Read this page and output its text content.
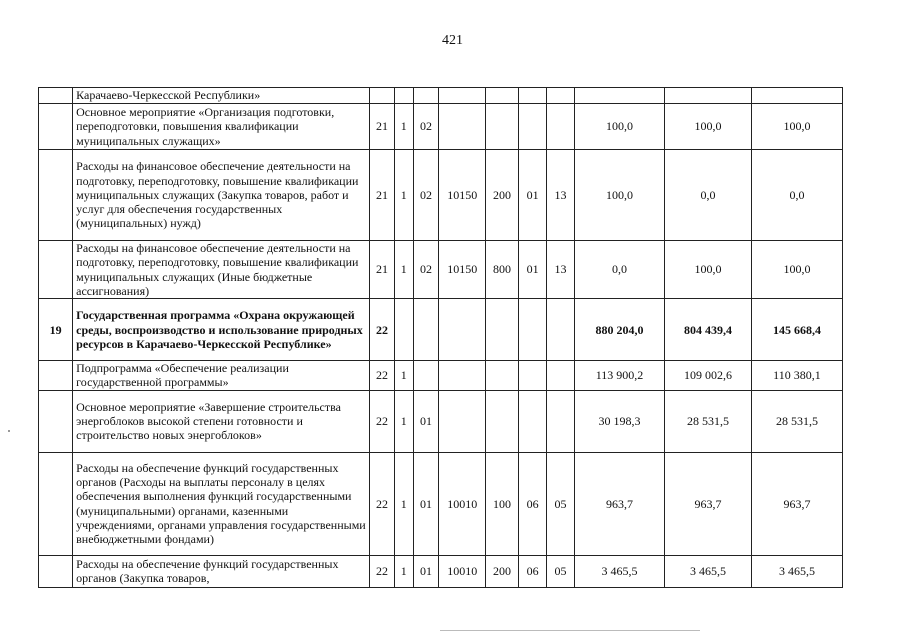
421
	Карачаево-Черкесской Республики»										
	Основное мероприятие «Организация подготовки, переподготовки, повышения квалификации муниципальных служащих»	21	1	02					100,0	100,0	100,0
	Расходы на финансовое обеспечение деятельности на подготовку, переподготовку, повышение квалификации муниципальных служащих (Закупка товаров, работ и услуг для обеспечения государственных (муниципальных) нужд)	21	1	02	10150	200	01	13	100,0	0,0	0,0
	Расходы на финансовое обеспечение деятельности на подготовку, переподготовку, повышение квалификации муниципальных служащих (Иные бюджетные ассигнования)	21	1	02	10150	800	01	13	0,0	100,0	100,0
19	Государственная программа «Охрана окружающей среды, воспроизводство и использование природных ресурсов в Карачаево-Черкесской Республике»	22							880 204,0	804 439,4	145 668,4
	Подпрограмма «Обеспечение реализации государственной программы»	22	1						113 900,2	109 002,6	110 380,1
	Основное мероприятие «Завершение строительства энергоблоков высокой степени готовности и строительство новых энергоблоков»	22	1	01					30 198,3	28 531,5	28 531,5
	Расходы на обеспечение функций государственных органов (Расходы на выплаты персоналу в целях обеспечения выполнения функций государственными (муниципальными) органами, казенными учреждениями, органами управления государственными внебюджетными фондами)	22	1	01	10010	100	06	05	963,7	963,7	963,7
	Расходы на обеспечение функций государственных органов (Закупка товаров,	22	1	01	10010	200	06	05	3 465,5	3 465,5	3 465,5
